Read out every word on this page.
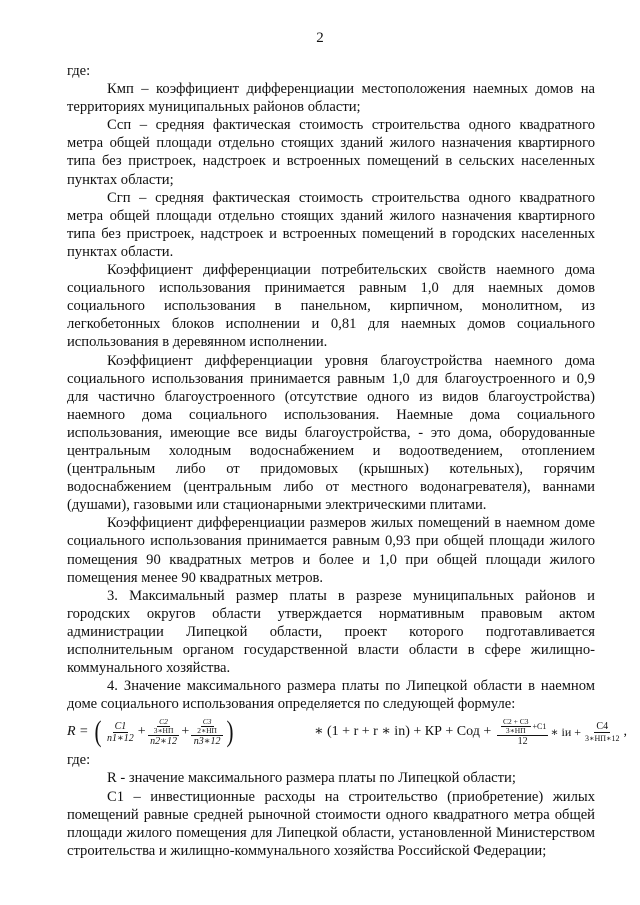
2

где:

Кмп – коэффициент дифференциации местоположения наемных домов на территориях муниципальных районов области;

Ссп – средняя фактическая стоимость строительства одного квадратного метра общей площади отдельно стоящих зданий жилого назначения квартирного типа без пристроек, надстроек и встроенных помещений в сельских населенных пунктах области;

Сгп – средняя фактическая стоимость строительства одного квадратного метра общей площади отдельно стоящих зданий жилого назначения квартирного типа без пристроек, надстроек и встроенных помещений в городских населенных пунктах области.

Коэффициент дифференциации потребительских свойств наемного дома социального использования принимается равным 1,0 для наемных домов социального использования в панельном, кирпичном, монолитном, из легкобетонных блоков исполнении и 0,81 для наемных домов социального использования в деревянном исполнении.

Коэффициент дифференциации уровня благоустройства наемного дома социального использования принимается равным 1,0 для благоустроенного и 0,9 для частично благоустроенного (отсутствие одного из видов благоустройства) наемного дома социального использования. Наемные дома социального использования, имеющие все виды благоустройства, - это дома, оборудованные центральным холодным водоснабжением и водоотведением, отоплением (центральным либо от придомовых (крышных) котельных), горячим водоснабжением (центральным либо от местного водонагревателя), ваннами (душами), газовыми или стационарными электрическими плитами.

Коэффициент дифференциации размеров жилых помещений в наемном доме социального использования принимается равным 0,93 при общей площади жилого помещения 90 квадратных метров и более и 1,0 при общей площади жилого помещения менее 90 квадратных метров.

3. Максимальный размер платы в разрезе муниципальных районов и городских округов области утверждается нормативным правовым актом администрации Липецкой области, проект которого подготавливается исполнительным органом государственной власти области в сфере жилищно-коммунального хозяйства.

4. Значение максимального размера платы по Липецкой области в наемном доме социального использования определяется по следующей формуле:

R = ( $\frac{C1}{n1∗12} + \frac{\frac{C2}{3∗НП}}{n2∗12} + \frac{\frac{C3}{2∗НП}}{n3∗12}$ )	∗ (1 + r + r ∗ in) + КР + Сод + $\frac{\frac{C2 + C3}{3∗НП} +С1}{12}$ ∗ iи + $\frac{C4}{3∗НП∗12}$ ,

где:

R - значение максимального размера платы по Липецкой области;

С1 – инвестиционные расходы на строительство (приобретение) жилых помещений равные средней рыночной стоимости одного квадратного метра общей площади жилого помещения для Липецкой области, установленной Министерством строительства и жилищно-коммунального хозяйства Российской Федерации;
